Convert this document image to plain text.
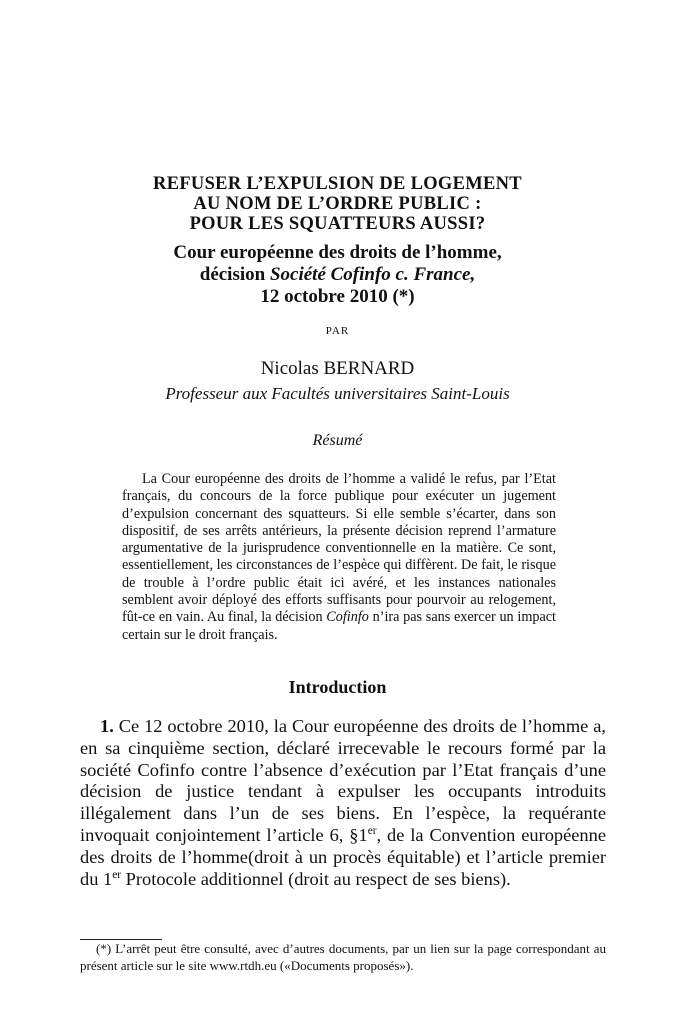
REFUSER L’EXPULSION DE LOGEMENT

AU NOM DE L’ORDRE PUBLIC :

POUR LES SQUATTEURS AUSSI?

Cour européenne des droits de l’homme,
décision Société Cofinfo c. France,
12 octobre 2010 (*)

PAR
Nicolas BERNARD
Professeur aux Facultés universitaires Saint-Louis
Résumé

La Cour européenne des droits de l’homme a validé le refus, par l’Etat français, du concours de la force publique pour exécuter un jugement d’expulsion concernant des squatteurs. Si elle semble s’écarter, dans son dispositif, de ses arrêts antérieurs, la présente décision reprend l’armature argumentative de la jurisprudence conventionnelle en la matière. Ce sont, essentiellement, les circonstances de l’espèce qui diffèrent. De fait, le risque de trouble à l’ordre public était ici avéré, et les instances nationales semblent avoir déployé des efforts suffisants pour pourvoir au relogement, fût-ce en vain. Au final, la décision Cofinfo n’ira pas sans exercer un impact certain sur le droit français.

Introduction

1. Ce 12 octobre 2010, la Cour européenne des droits de l’homme a, en sa cinquième section, déclaré irrecevable le recours formé par la société Cofinfo contre l’absence d’exécution par l’Etat français d’une décision de justice tendant à expulser les occupants introduits illégalement dans l’un de ses biens. En l’espèce, la requérante invoquait conjointement l’article 6, §1er, de la Convention européenne des droits de l’homme(droit à un procès équitable) et l’article premier du 1er Protocole additionnel (droit au respect de ses biens).

(*) L’arrêt peut être consulté, avec d’autres documents, par un lien sur la page correspondant au présent article sur le site www.rtdh.eu («Documents proposés»).
